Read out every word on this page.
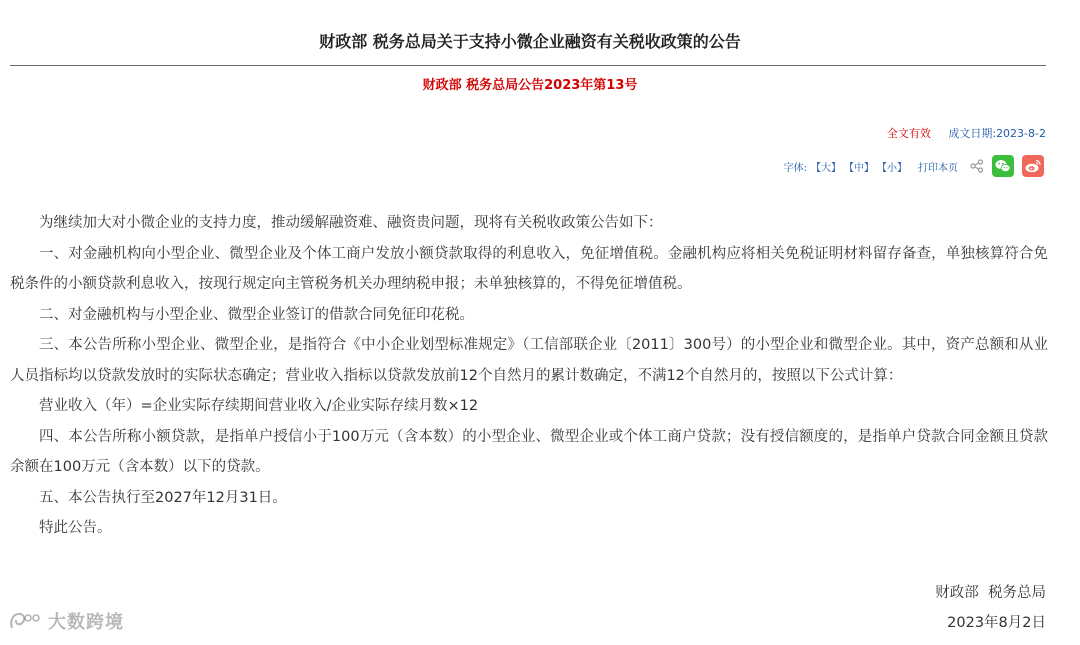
财政部 税务总局关于支持小微企业融资有关税收政策的公告
财政部 税务总局公告2023年第13号
全文有效 成文日期:2023-8-2
字体: 【大】 【中】 【小】 打印本页

为继续加大对小微企业的支持力度，推动缓解融资难、融资贵问题，现将有关税收政策公告如下：

一、对金融机构向小型企业、微型企业及个体工商户发放小额贷款取得的利息收入，免征增值税。金融机构应将相关免税证明材料留存备查，单独核算符合免税条件的小额贷款利息收入，按现行规定向主管税务机关办理纳税申报；未单独核算的，不得免征增值税。

二、对金融机构与小型企业、微型企业签订的借款合同免征印花税。

三、本公告所称小型企业、微型企业，是指符合《中小企业划型标准规定》（工信部联企业〔2011〕300号）的小型企业和微型企业。其中，资产总额和从业人员指标均以贷款发放时的实际状态确定；营业收入指标以贷款发放前12个自然月的累计数确定，不满12个自然月的，按照以下公式计算：

营业收入（年）=企业实际存续期间营业收入/企业实际存续月数×12

四、本公告所称小额贷款，是指单户授信小于100万元（含本数）的小型企业、微型企业或个体工商户贷款；没有授信额度的，是指单户贷款合同金额且贷款余额在100万元（含本数）以下的贷款。

五、本公告执行至2027年12月31日。

特此公告。

财政部  税务总局
2023年8月2日
大数跨境
